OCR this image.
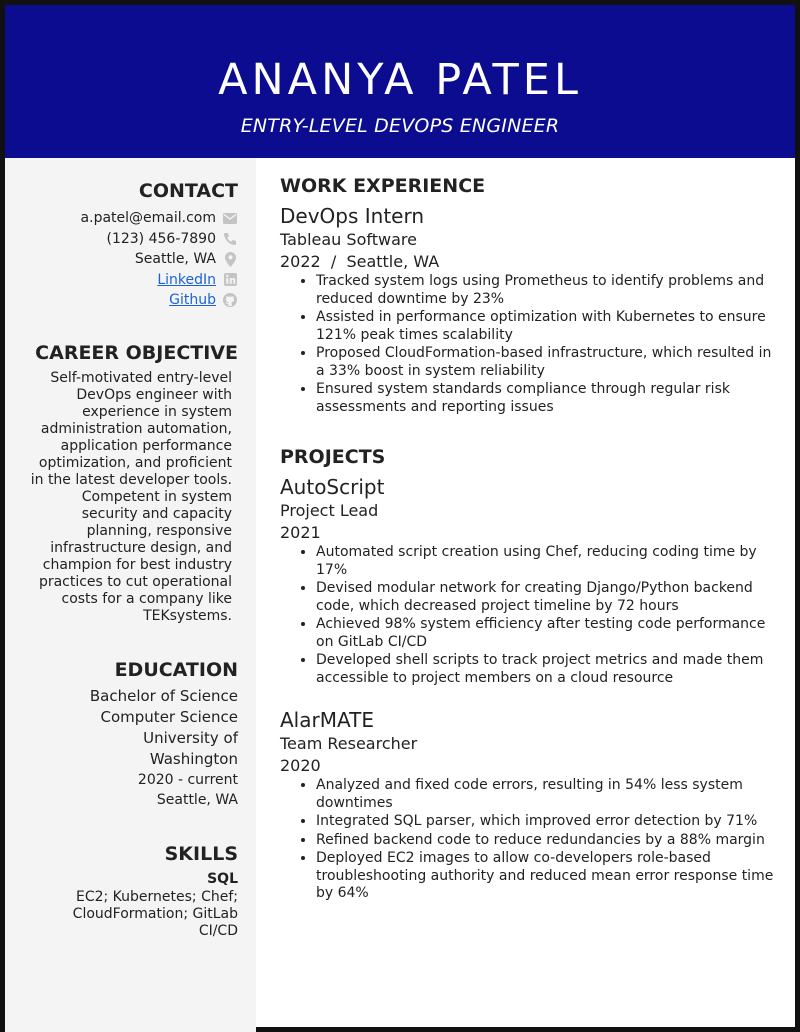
ANANYA PATEL
ENTRY-LEVEL DEVOPS ENGINEER
CONTACT
a.patel@email.com
(123) 456-7890
Seattle, WA
LinkedIn
Github
CAREER OBJECTIVE
Self-motivated entry-level DevOps engineer with experience in system administration automation, application performance optimization, and proficient in the latest developer tools. Competent in system security and capacity planning, responsive infrastructure design, and champion for best industry practices to cut operational costs for a company like TEKsystems.
EDUCATION
Bachelor of Science
Computer Science
University of
Washington
2020 - current
Seattle, WA
SKILLS
SQL
EC2; Kubernetes; Chef; CloudFormation; GitLab CI/CD
WORK EXPERIENCE
DevOps Intern
Tableau Software
2022  /  Seattle, WA
• Tracked system logs using Prometheus to identify problems and reduced downtime by 23%
• Assisted in performance optimization with Kubernetes to ensure 121% peak times scalability
• Proposed CloudFormation-based infrastructure, which resulted in a 33% boost in system reliability
• Ensured system standards compliance through regular risk assessments and reporting issues
PROJECTS
AutoScript
Project Lead
2021
• Automated script creation using Chef, reducing coding time by 17%
• Devised modular network for creating Django/Python backend code, which decreased project timeline by 72 hours
• Achieved 98% system efficiency after testing code performance on GitLab CI/CD
• Developed shell scripts to track project metrics and made them accessible to project members on a cloud resource
AlarMATE
Team Researcher
2020
• Analyzed and fixed code errors, resulting in 54% less system downtimes
• Integrated SQL parser, which improved error detection by 71%
• Refined backend code to reduce redundancies by a 88% margin
• Deployed EC2 images to allow co-developers role-based troubleshooting authority and reduced mean error response time by 64%
